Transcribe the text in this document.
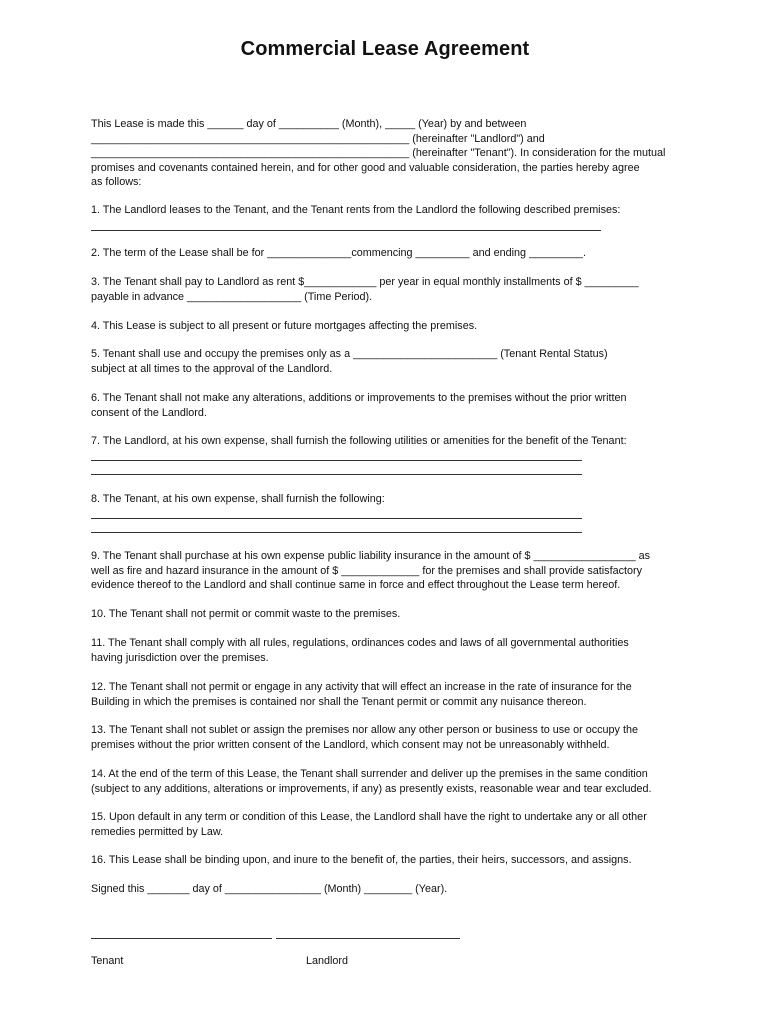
Commercial Lease Agreement
This Lease is made this ______ day of __________ (Month), _____ (Year) by and between
_____________________________________________________ (hereinafter "Landlord") and
_____________________________________________________ (hereinafter "Tenant"). In consideration for the mutual
promises and covenants contained herein, and for other good and valuable consideration, the parties hereby agree
as follows:
1. The Landlord leases to the Tenant, and the Tenant rents from the Landlord the following described premises:
2. The term of the Lease shall be for ______________commencing _________ and ending _________.
3. The Tenant shall pay to Landlord as rent $____________ per year in equal monthly installments of $ _________
payable in advance ___________________ (Time Period).
4. This Lease is subject to all present or future mortgages affecting the premises.
5. Tenant shall use and occupy the premises only as a ________________________ (Tenant Rental Status)
subject at all times to the approval of the Landlord.
6. The Tenant shall not make any alterations, additions or improvements to the premises without the prior written
consent of the Landlord.
7. The Landlord, at his own expense, shall furnish the following utilities or amenities for the benefit of the Tenant:
8. The Tenant, at his own expense, shall furnish the following:
9. The Tenant shall purchase at his own expense public liability insurance in the amount of $ _________________ as
well as fire and hazard insurance in the amount of $ _____________ for the premises and shall provide satisfactory
evidence thereof to the Landlord and shall continue same in force and effect throughout the Lease term hereof.
10. The Tenant shall not permit or commit waste to the premises.
11. The Tenant shall comply with all rules, regulations, ordinances codes and laws of all governmental authorities
having jurisdiction over the premises.
12. The Tenant shall not permit or engage in any activity that will effect an increase in the rate of insurance for the
Building in which the premises is contained nor shall the Tenant permit or commit any nuisance thereon.
13. The Tenant shall not sublet or assign the premises nor allow any other person or business to use or occupy the
premises without the prior written consent of the Landlord, which consent may not be unreasonably withheld.
14. At the end of the term of this Lease, the Tenant shall surrender and deliver up the premises in the same condition
(subject to any additions, alterations or improvements, if any) as presently exists, reasonable wear and tear excluded.
15. Upon default in any term or condition of this Lease, the Landlord shall have the right to undertake any or all other
remedies permitted by Law.
16. This Lease shall be binding upon, and inure to the benefit of, the parties, their heirs, successors, and assigns.
Signed this _______ day of ________________ (Month) ________ (Year).
Tenant	Landlord
